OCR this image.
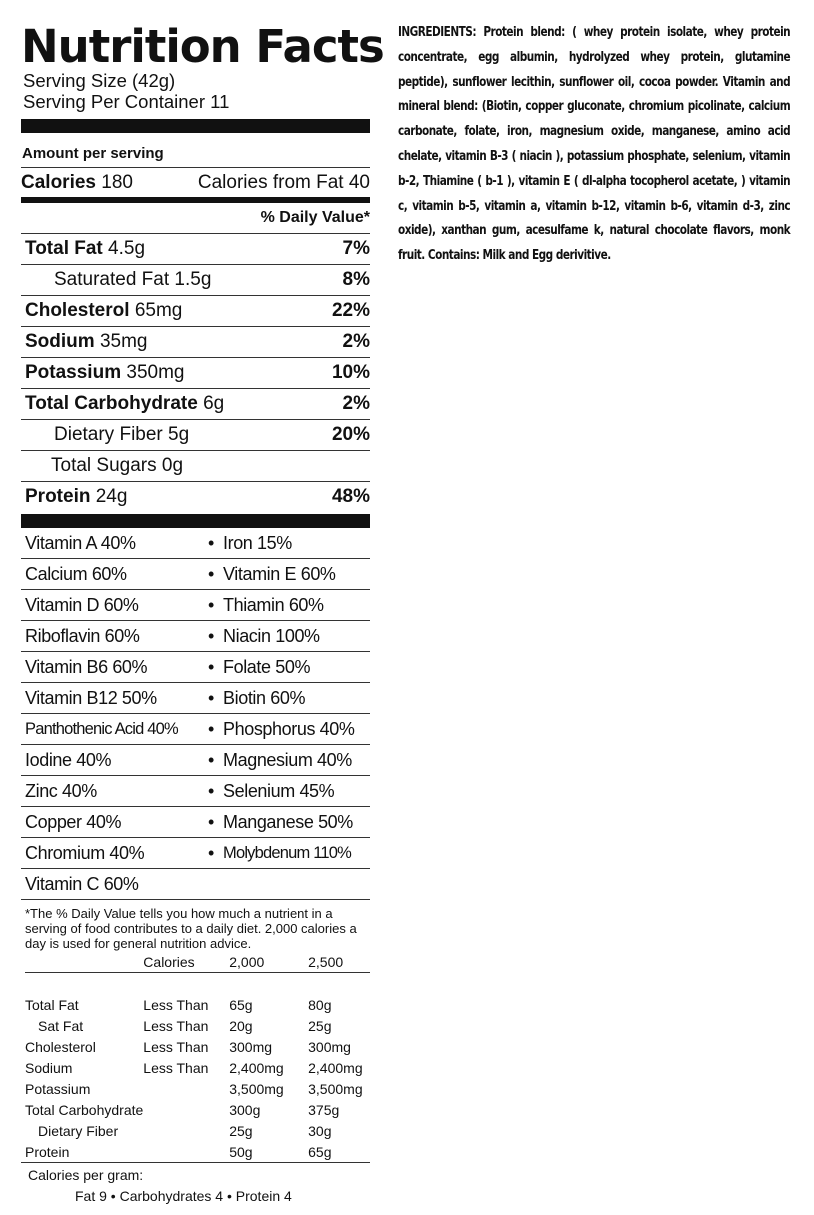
Nutrition Facts
Serving Size (42g)
Serving Per Container 11
Amount per serving
Calories 180	Calories from Fat 40
% Daily Value*
Total Fat 4.5g	7%
Saturated Fat 1.5g	8%
Cholesterol 65mg	22%
Sodium 35mg	2%
Potassium 350mg	10%
Total Carbohydrate 6g	2%
Dietary Fiber 5g	20%
Total Sugars 0g
Protein 24g	48%
Vitamin A 40%	• Iron 15%
Calcium 60%	• Vitamin E 60%
Vitamin D 60%	• Thiamin 60%
Riboflavin 60%	• Niacin 100%
Vitamin B6 60%	• Folate 50%
Vitamin B12 50%	• Biotin 60%
Panthothenic Acid 40%	• Phosphorus 40%
Iodine 40%	• Magnesium 40%
Zinc 40%	• Selenium 45%
Copper 40%	• Manganese 50%
Chromium 40%	• Molybdenum 110%
Vitamin C 60%
*The % Daily Value tells you how much a nutrient in a serving of food contributes to a daily diet. 2,000 calories a day is used for general nutrition advice.
	Calories	2,000	2,500

Total Fat	Less Than	65g	80g
Sat Fat	Less Than	20g	25g
Cholesterol	Less Than	300mg	300mg
Sodium	Less Than	2,400mg	2,400mg
Potassium		3,500mg	3,500mg
Total Carbohydrate		300g	375g
Dietary Fiber		25g	30g
Protein		50g	65g
Calories per gram:
Fat 9 • Carbohydrates 4 • Protein 4
INGREDIENTS: Protein blend: ( whey protein isolate, whey protein concentrate, egg albumin, hydrolyzed whey protein, glutamine peptide), sunflower lecithin, sunflower oil, cocoa powder. Vitamin and mineral blend: (Biotin, copper gluconate, chromium picolinate, calcium carbonate, folate, iron, magnesium oxide, manganese, amino acid chelate, vitamin B-3 ( niacin ), potassium phosphate, selenium, vitamin b-2, Thiamine ( b-1 ), vitamin E ( dl-alpha tocopherol acetate, ) vitamin c, vitamin b-5, vitamin a, vitamin b-12, vitamin b-6, vitamin d-3, zinc oxide), xanthan gum, acesulfame k, natural chocolate flavors, monk fruit. Contains: Milk and Egg derivitive.
